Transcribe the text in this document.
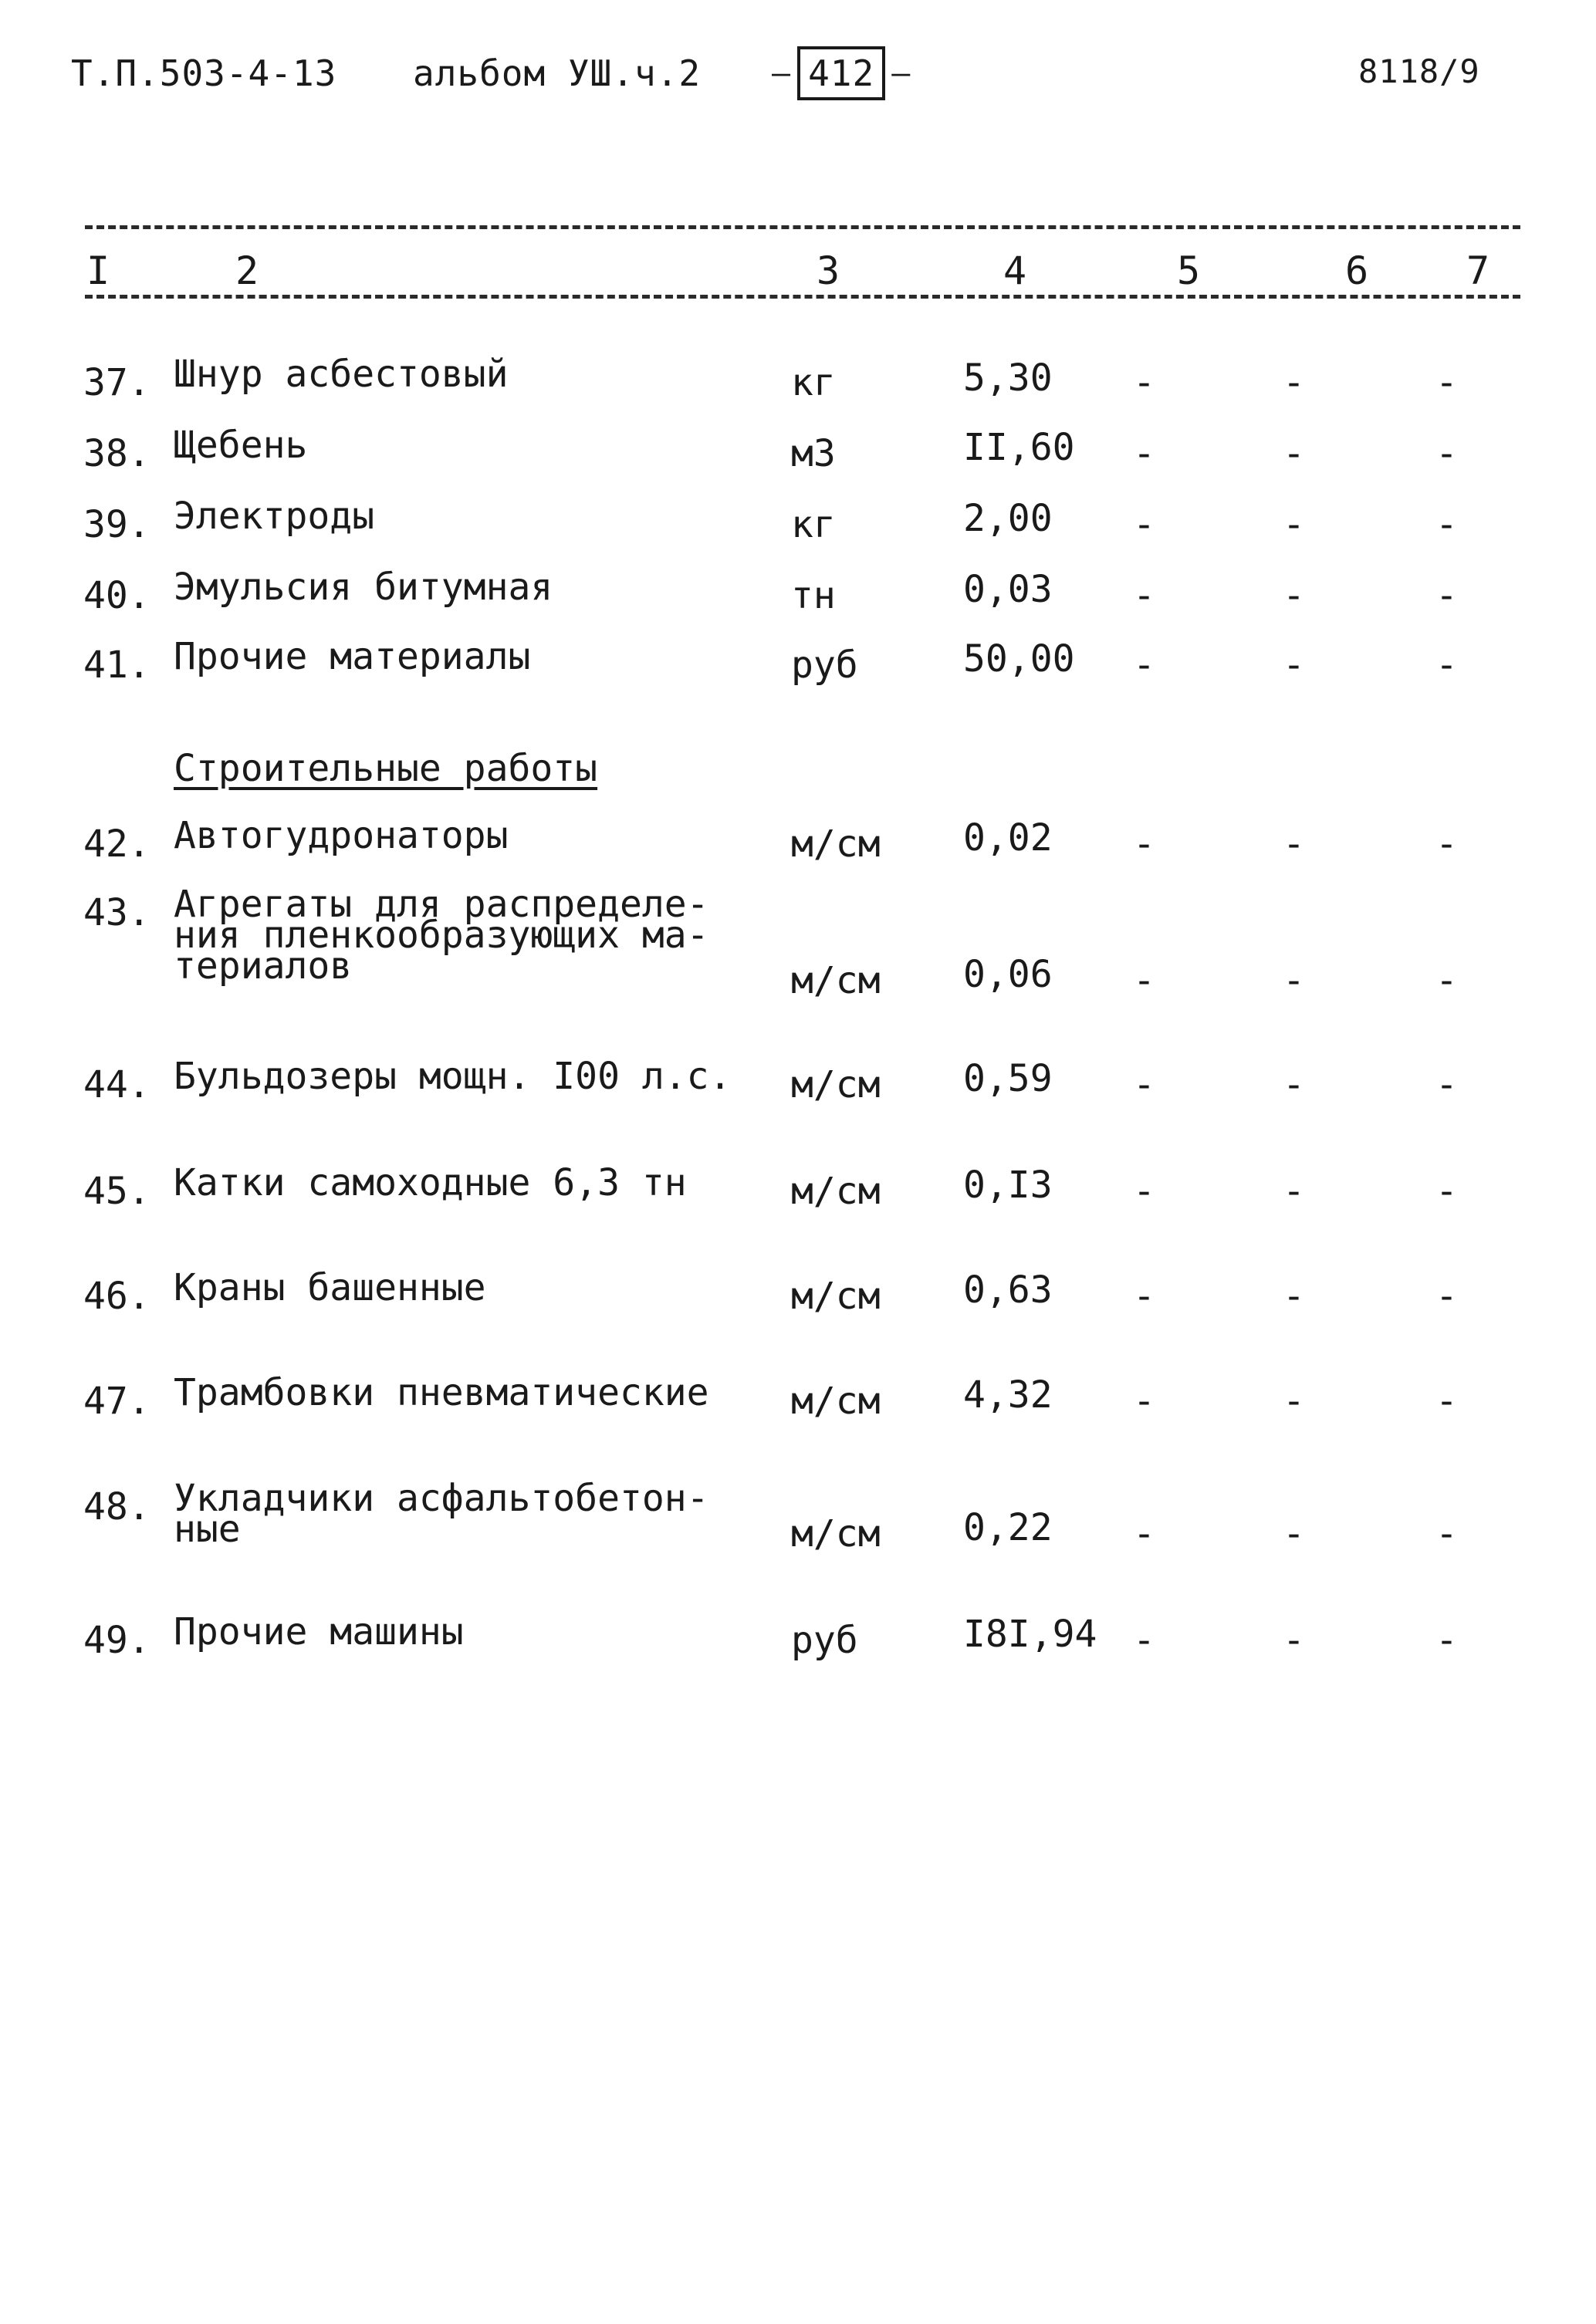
Т.П.503-4-13 альбом УШ.ч.2 – 412 –	8118/9
I	2	3	4	5	6	7
37. Шнур асбестовый	кг	5,30 -	-	-
38. Щебень	м3	II,60 -	-	-
39. Электроды	кг	2,00 -	-	-
40. Эмульсия битумная	тн	0,03 -	-	-
41. Прочие материалы	руб	50,00 -	-	-
Строительные работы
42. Автогудронаторы	м/см 0,02 -	-	-
43. Агрегаты для распределе-
ния пленкообразующих ма-
териалов	м/см 0,06 -	-	-
44. Бульдозеры мощн. I00 л.с. м/см 0,59 -	-	-
45. Катки самоходные 6,3 тн	м/см 0,I3 -	-	-
46. Краны башенные	м/см 0,63 -	-	-
47. Трамбовки пневматические м/см 4,32 -	-	-
48. Укладчики асфальтобетон-
ные	м/см 0,22 -	-	-
49. Прочие машины	руб	I8I,94 -	-	-
